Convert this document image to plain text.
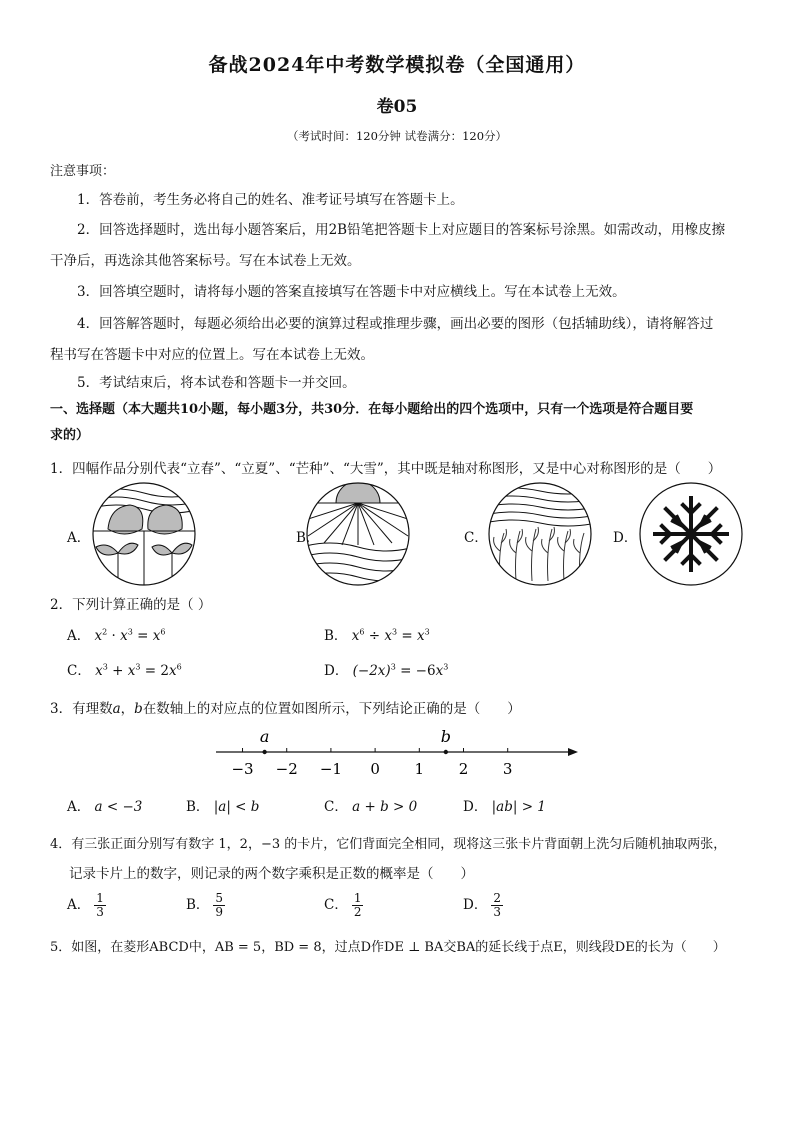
备战2024年中考数学模拟卷（全国通用）
卷05
（考试时间：120分钟 试卷满分：120分）
注意事项：
1．答卷前，考生务必将自己的姓名、准考证号填写在答题卡上。
2．回答选择题时，选出每小题答案后，用2B铅笔把答题卡上对应题目的答案标号涂黑。如需改动，用橡皮擦
干净后，再选涂其他答案标号。写在本试卷上无效。
3．回答填空题时，请将每小题的答案直接填写在答题卡中对应横线上。写在本试卷上无效。
4．回答解答题时，每题必须给出必要的演算过程或推理步骤，画出必要的图形（包括辅助线），请将解答过
程书写在答题卡中对应的位置上。写在本试卷上无效。
5．考试结束后，将本试卷和答题卡一并交回。
一、选择题（本大题共10小题，每小题3分，共30分．在每小题给出的四个选项中，只有一个选项是符合题目要
求的）
1．四幅作品分别代表“立春”、“立夏”、“芒种”、“大雪”，其中既是轴对称图形，又是中心对称图形的是（　　）
A．	B．	C．	D．
2．下列计算正确的是（ ）
A． $x^2 \cdot x^3 = x^6$	B． $x^6 \div x^3 = x^3$
C． $x^3 + x^3 = 2x^6$	D． $(-2x)^3 = -6x^3$
3．有理数a，b在数轴上的对应点的位置如图所示，下列结论正确的是（　　）
−3 −2 −1 0 1 2 3
a	b
A． a < −3	B． |a| < b	C． a + b > 0	D． |ab| > 1
4．有三张正面分别写有数字 1，2，−3 的卡片，它们背面完全相同，现将这三张卡片背面朝上洗匀后随机抽取两张，
记录卡片上的数字，则记录的两个数字乘积是正数的概率是（　　）
A． $\frac{1}{3}$	B． $\frac{5}{9}$	C． $\frac{1}{2}$	D． $\frac{2}{3}$
5．如图，在菱形ABCD中，AB = 5，BD = 8，过点D作DE ⊥ BA交BA的延长线于点E，则线段DE的长为（　　）
